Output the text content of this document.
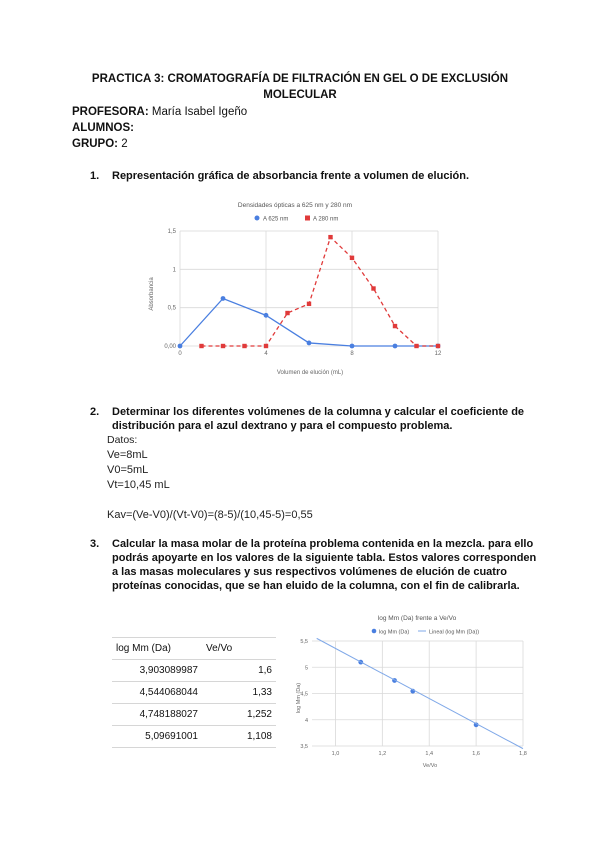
PRACTICA 3: CROMATOGRAFÍA DE FILTRACIÓN EN GEL O DE EXCLUSIÓN
MOLECULAR
PROFESORA: María Isabel Igeño
ALUMNOS:
GRUPO: 2
1. Representación gráfica de absorbancia frente a volumen de elución.
Densidades ópticas a 625 nm y 280 nm
A 625 nm	A 280 nm
0,00
0,5
1
1,5
0	4	8	12
Absorbancia
Volumen de elución (mL)
2. Determinar los diferentes volúmenes de la columna y calcular el coeficiente de distribución para el azul dextrano y para el compuesto problema.
Datos:
Ve=8mL
V0=5mL
Vt=10,45 mL
Kav=(Ve-V0)/(Vt-V0)=(8-5)/(10,45-5)=0,55
3. Calcular la masa molar de la proteína problema contenida en la mezcla. para ello podrás apoyarte en los valores de la siguiente tabla. Estos valores corresponden a las masas moleculares y sus respectivos volúmenes de elución de cuatro proteínas conocidas, que se han eluido de la columna, con el fin de calibrarla.
log Mm (Da)	Ve/Vo
3,903089987	1,6
4,544068044	1,33
4,748188027	1,252
5,09691001	1,108
log Mm (Da) frente a Ve/Vo
log Mm (Da)	Lineal (log Mm (Da))
3,5
4
4,5
5
5,5
1,0	1,2	1,4	1,6	1,8
log Mm (Da)
Ve/Vo
